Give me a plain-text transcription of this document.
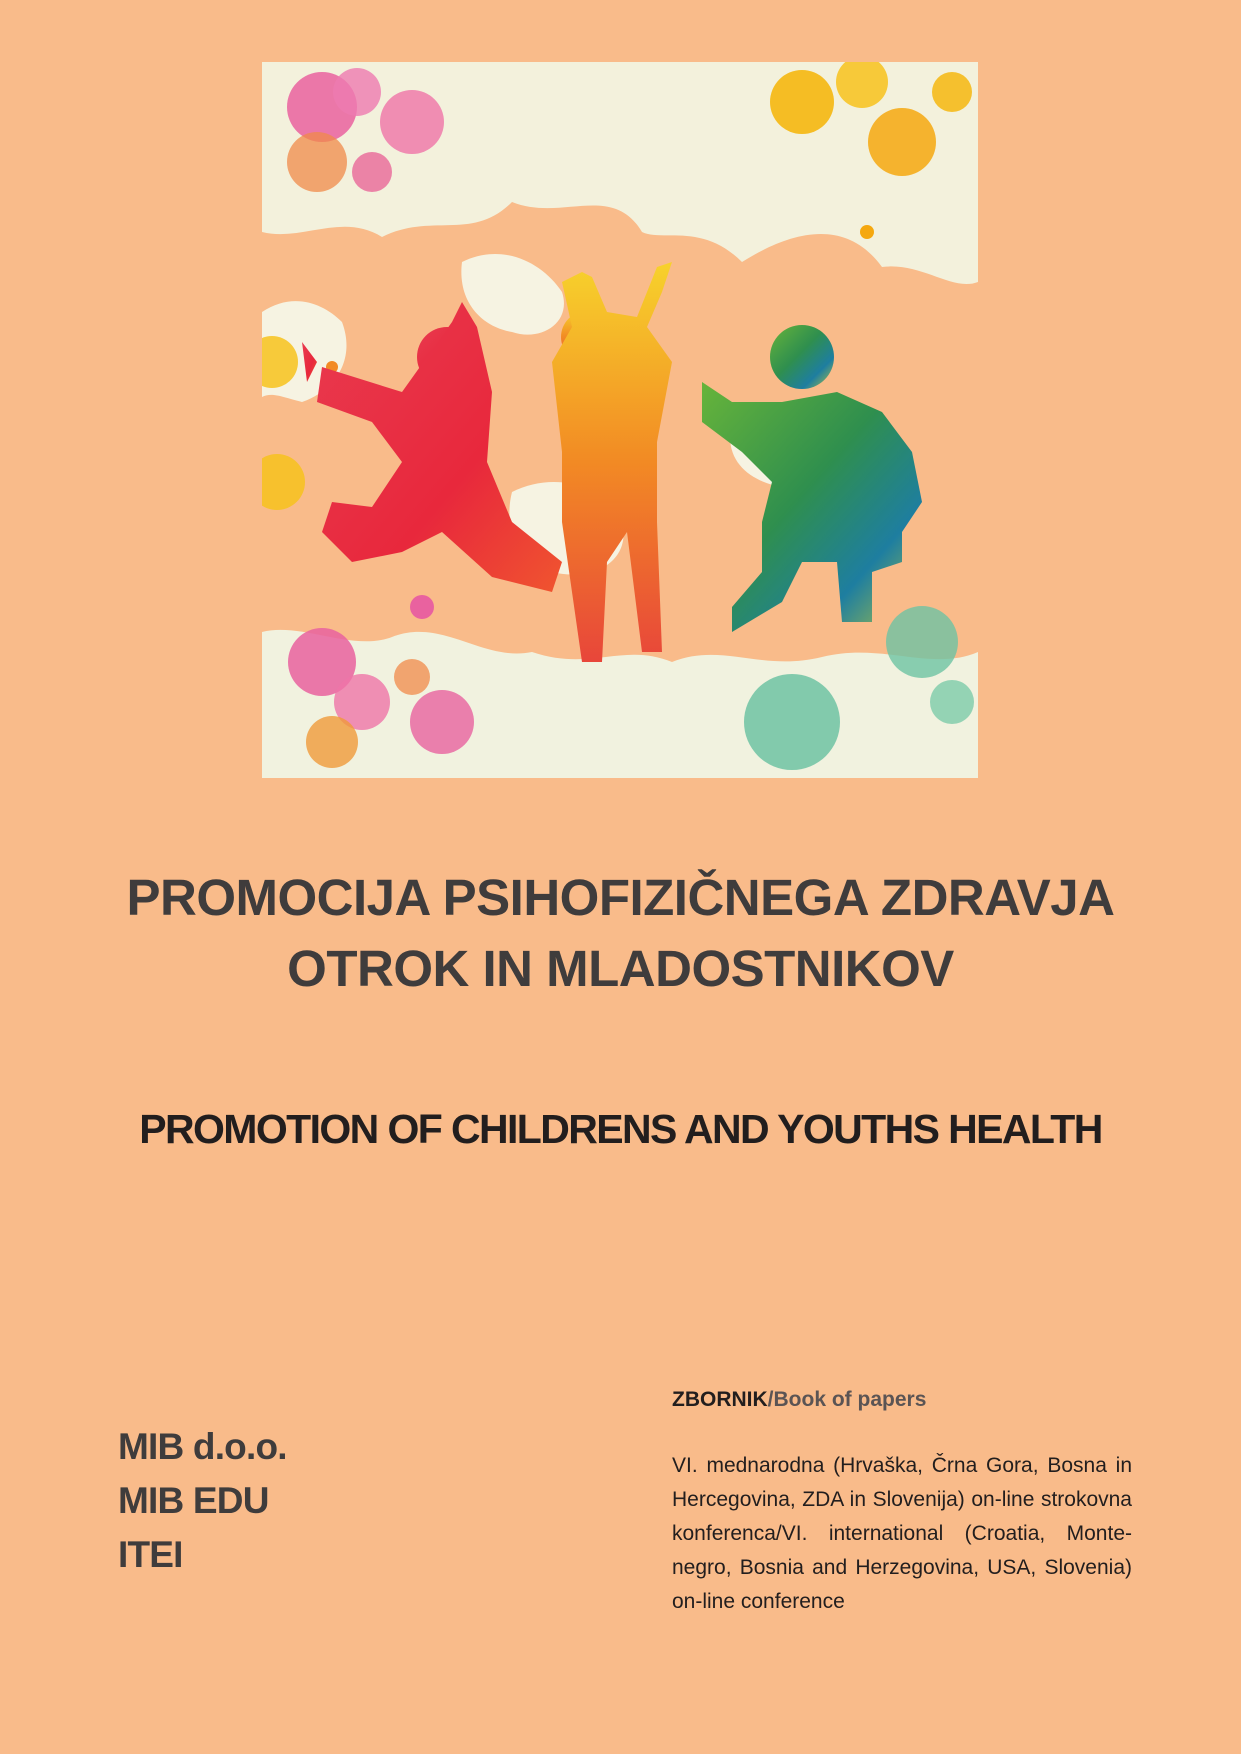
PROMOCIJA PSIHOFIZIČNEGA ZDRAVJA
OTROK IN MLADOSTNIKOV
PROMOTION OF CHILDRENS AND YOUTHS HEALTH
MIB d.o.o.
MIB EDU
ITEI
ZBORNIK/Book of papers
VI. mednarodna (Hrvaška, Črna Gora, Bosna in Hercegovina, ZDA in Slovenija) on-line strokovna konferenca/VI. international (Croatia, Montenegro, Bosnia and Herzegovina, USA, Slovenia) on-line conference
